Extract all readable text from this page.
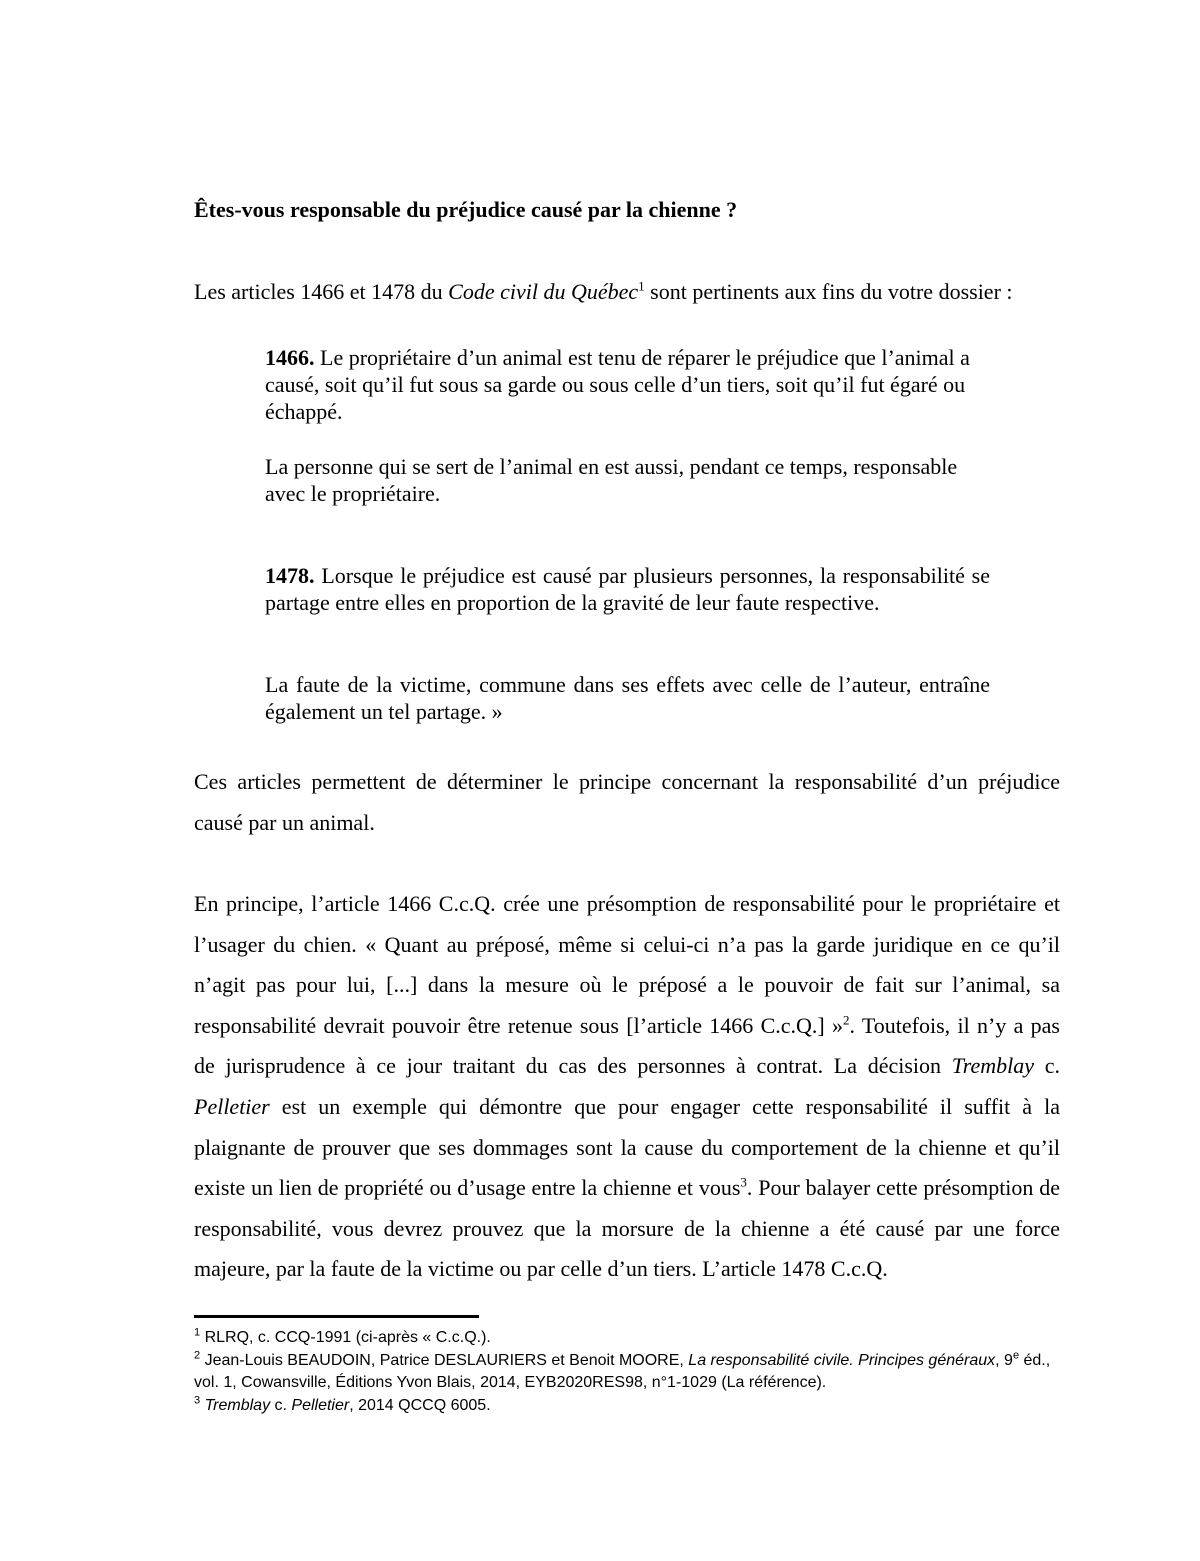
Êtes-vous responsable du préjudice causé par la chienne ?
Les articles 1466 et 1478 du Code civil du Québec$^1$ sont pertinents aux fins du votre dossier :

1466. Le propriétaire d’un animal est tenu de réparer le préjudice que l’animal a causé, soit qu’il fut sous sa garde ou sous celle d’un tiers, soit qu’il fut égaré ou échappé.

La personne qui se sert de l’animal en est aussi, pendant ce temps, responsable avec le propriétaire.

1478. Lorsque le préjudice est causé par plusieurs personnes, la responsabilité se partage entre elles en proportion de la gravité de leur faute respective.

La faute de la victime, commune dans ses effets avec celle de l’auteur, entraîne également un tel partage. »

Ces articles permettent de déterminer le principe concernant la responsabilité d’un préjudice causé par un animal.

En principe, l’article 1466 C.c.Q. crée une présomption de responsabilité pour le propriétaire et l’usager du chien. « Quant au préposé, même si celui-ci n’a pas la garde juridique en ce qu’il n’agit pas pour lui, [...] dans la mesure où le préposé a le pouvoir de fait sur l’animal, sa responsabilité devrait pouvoir être retenue sous [l’article 1466 C.c.Q.] »$^2$. Toutefois, il n’y a pas de jurisprudence à ce jour traitant du cas des personnes à contrat. La décision Tremblay c. Pelletier est un exemple qui démontre que pour engager cette responsabilité il suffit à la plaignante de prouver que ses dommages sont la cause du comportement de la chienne et qu’il existe un lien de propriété ou d’usage entre la chienne et vous$^3$. Pour balayer cette présomption de responsabilité, vous devrez prouvez que la morsure de la chienne a été causé par une force majeure, par la faute de la victime ou par celle d’un tiers. L’article 1478 C.c.Q.

$^1$ RLRQ, c. CCQ-1991 (ci-après « C.c.Q.).

$^2$ Jean-Louis BEAUDOIN, Patrice DESLAURIERS et Benoit MOORE, La responsabilité civile. Principes généraux, 9e éd., vol. 1, Cowansville, Éditions Yvon Blais, 2014, EYB2020RES98, n°1-1029 (La référence).

$^3$ Tremblay c. Pelletier, 2014 QCCQ 6005.
